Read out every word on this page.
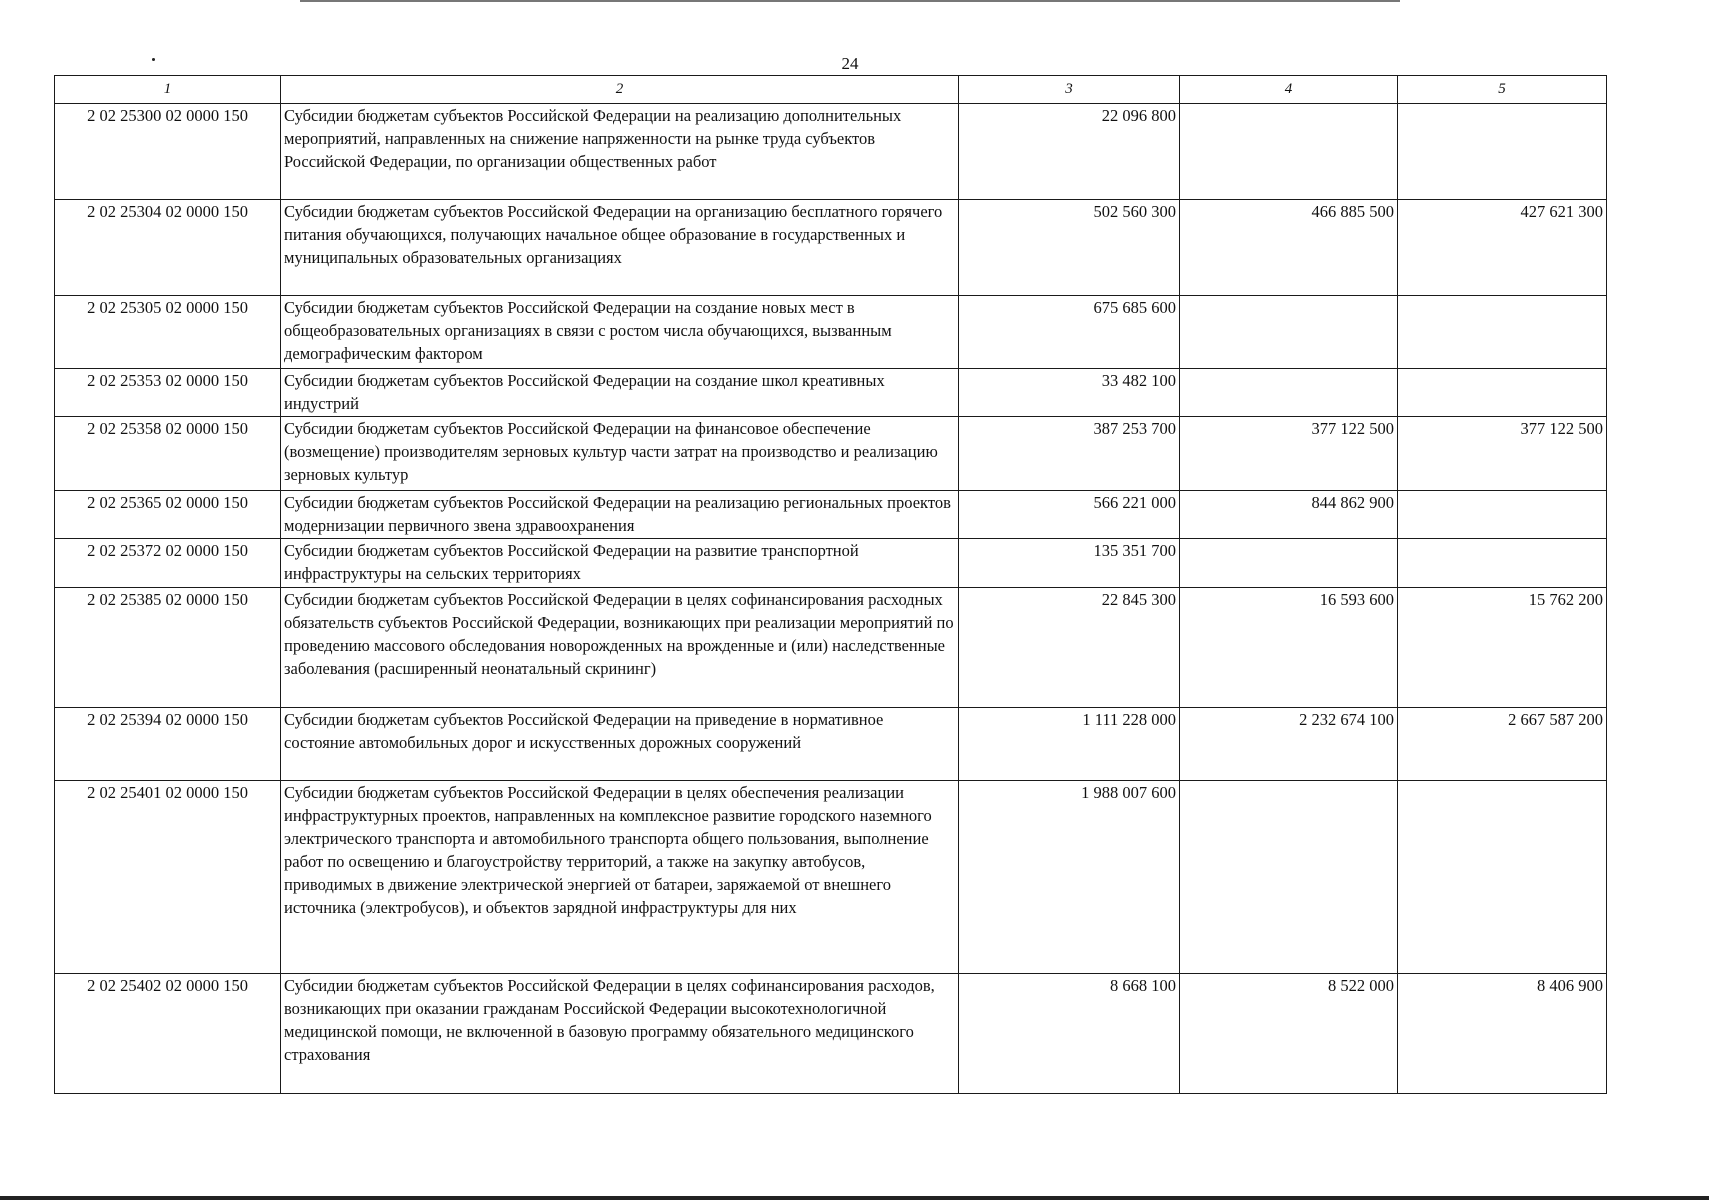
24
1	2	3	4	5
2 02 25300 02 0000 150	Субсидии бюджетам субъектов Российской Федерации на реализацию дополнительных мероприятий, направленных на снижение напряженности на рынке труда субъектов Российской Федерации, по организации общественных работ	22 096 800		
2 02 25304 02 0000 150	Субсидии бюджетам субъектов Российской Федерации на организацию бесплатного горячего питания обучающихся, получающих начальное общее образование в государственных и муниципальных образовательных организациях	502 560 300	466 885 500	427 621 300
2 02 25305 02 0000 150	Субсидии бюджетам субъектов Российской Федерации на создание новых мест в общеобразовательных организациях в связи с ростом числа обучающихся, вызванным демографическим фактором	675 685 600		
2 02 25353 02 0000 150	Субсидии бюджетам субъектов Российской Федерации на создание школ креативных индустрий	33 482 100		
2 02 25358 02 0000 150	Субсидии бюджетам субъектов Российской Федерации на финансовое обеспечение (возмещение) производителям зерновых культур части затрат на производство и реализацию зерновых культур	387 253 700	377 122 500	377 122 500
2 02 25365 02 0000 150	Субсидии бюджетам субъектов Российской Федерации на реализацию региональных проектов модернизации первичного звена здравоохранения	566 221 000	844 862 900	
2 02 25372 02 0000 150	Субсидии бюджетам субъектов Российской Федерации на развитие транспортной инфраструктуры на сельских территориях	135 351 700		
2 02 25385 02 0000 150	Субсидии бюджетам субъектов Российской Федерации в целях софинансирования расходных обязательств субъектов Российской Федерации, возникающих при реализации мероприятий по проведению массового обследования новорожденных на врожденные и (или) наследственные заболевания (расширенный неонатальный скрининг)	22 845 300	16 593 600	15 762 200
2 02 25394 02 0000 150	Субсидии бюджетам субъектов Российской Федерации на приведение в нормативное состояние автомобильных дорог и искусственных дорожных сооружений	1 111 228 000	2 232 674 100	2 667 587 200
2 02 25401 02 0000 150	Субсидии бюджетам субъектов Российской Федерации в целях обеспечения реализации инфраструктурных проектов, направленных на комплексное развитие городского наземного электрического транспорта и автомобильного транспорта общего пользования, выполнение работ по освещению и благоустройству территорий, а также на закупку автобусов, приводимых в движение электрической энергией от батареи, заряжаемой от внешнего источника (электробусов), и объектов зарядной инфраструктуры для них	1 988 007 600		
2 02 25402 02 0000 150	Субсидии бюджетам субъектов Российской Федерации в целях софинансирования расходов, возникающих при оказании гражданам Российской Федерации высокотехнологичной медицинской помощи, не включенной в базовую программу обязательного медицинского страхования	8 668 100	8 522 000	8 406 900
